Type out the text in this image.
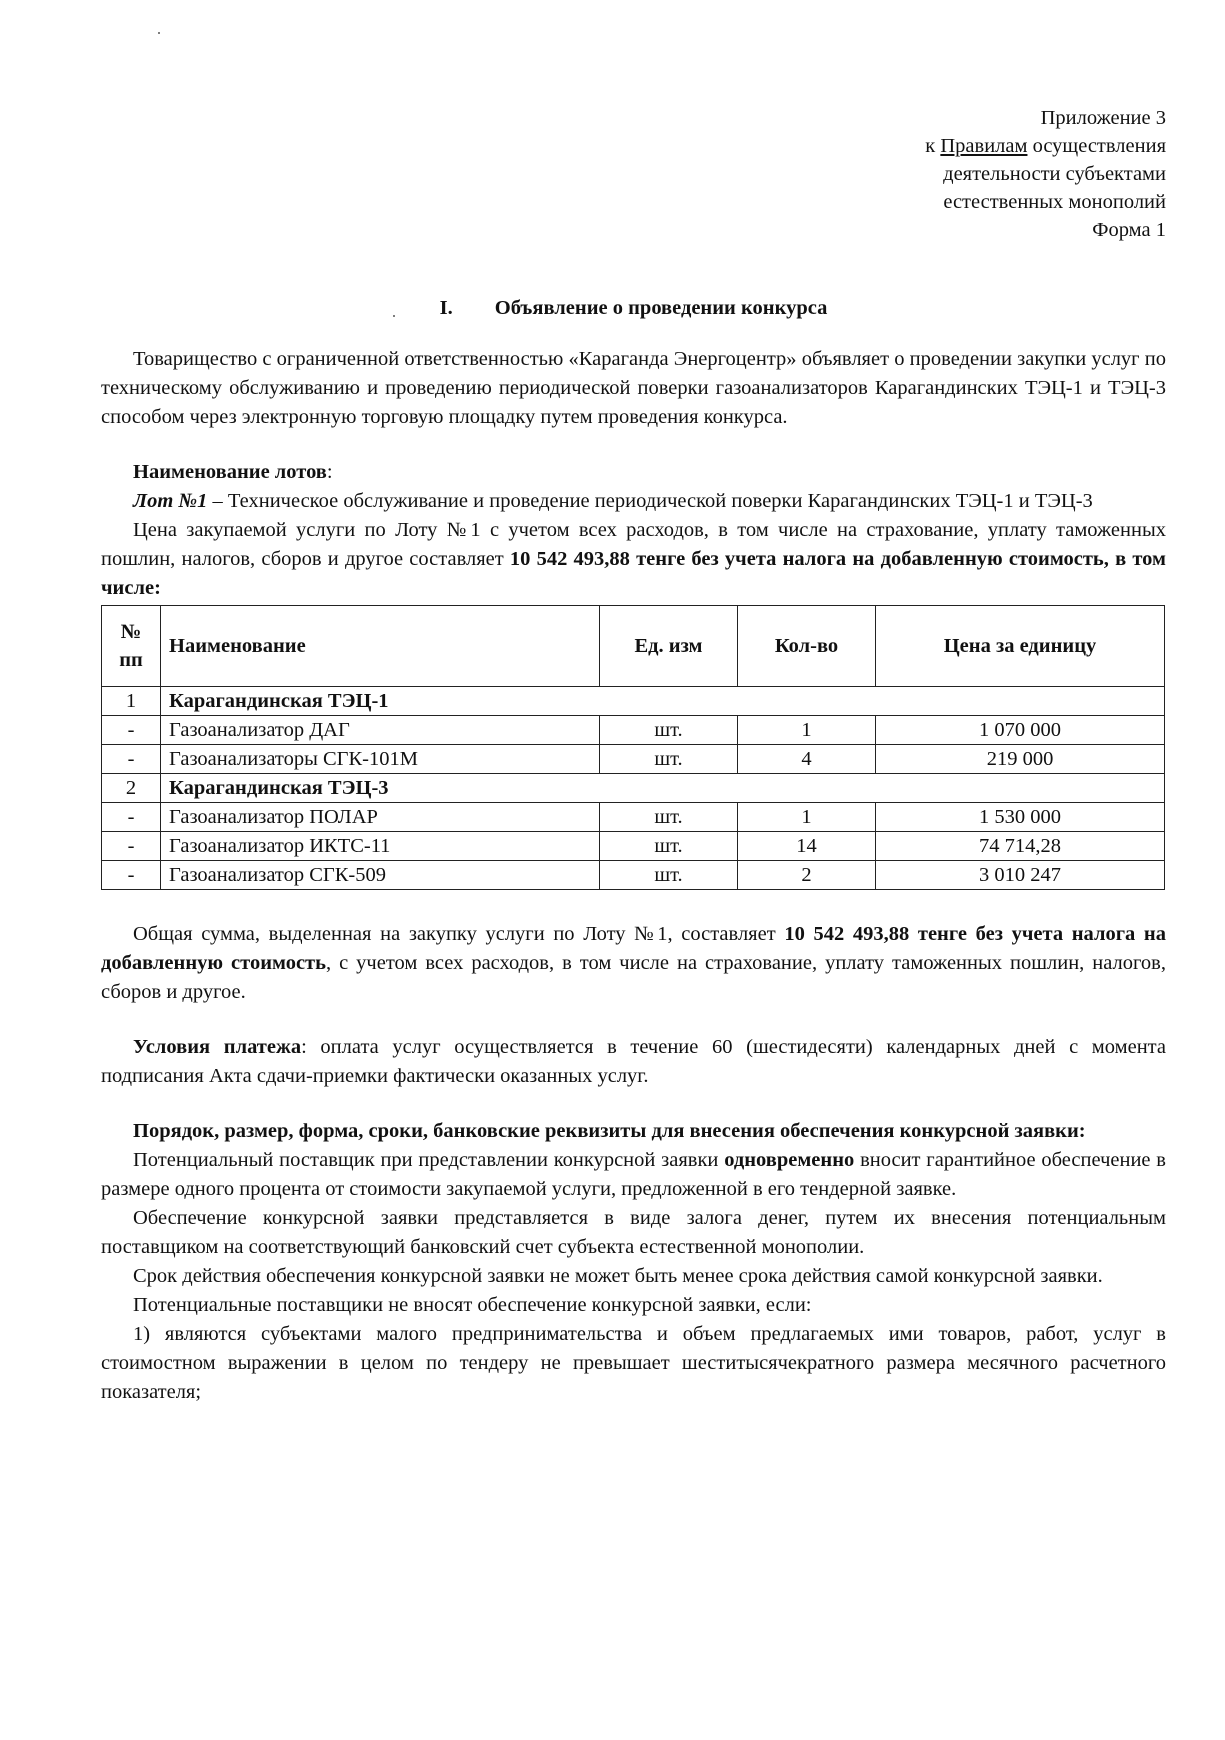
Приложение 3
к Правилам осуществления
деятельности субъектами
естественных монополий
Форма 1
I. Объявление о проведении конкурса

Товарищество с ограниченной ответственностью «Караганда Энергоцентр» объявляет о проведении закупки услуг по техническому обслуживанию и проведению периодической поверки газоанализаторов Карагандинских ТЭЦ-1 и ТЭЦ-3 способом через электронную торговую площадку путем проведения конкурса.

Наименование лотов:

Лот №1 – Техническое обслуживание и проведение периодической поверки Карагандинских ТЭЦ-1 и ТЭЦ-3

Цена закупаемой услуги по Лоту №1 с учетом всех расходов, в том числе на страхование, уплату таможенных пошлин, налогов, сборов и другое составляет 10 542 493,88 тенге без учета налога на добавленную стоимость, в том числе:

№ пп	Наименование	Ед. изм	Кол-во	Цена за единицу
1	Карагандинская ТЭЦ-1			
-	Газоанализатор ДАГ	шт.	1	1 070 000
-	Газоанализаторы СГК-101М	шт.	4	219 000
2	Карагандинская ТЭЦ-3			
-	Газоанализатор ПОЛАР	шт.	1	1 530 000
-	Газоанализатор ИКТС-11	шт.	14	74 714,28
-	Газоанализатор СГК-509	шт.	2	3 010 247

Общая сумма, выделенная на закупку услуги по Лоту №1, составляет 10 542 493,88 тенге без учета налога на добавленную стоимость, с учетом всех расходов, в том числе на страхование, уплату таможенных пошлин, налогов, сборов и другое.

Условия платежа: оплата услуг осуществляется в течение 60 (шестидесяти) календарных дней с момента подписания Акта сдачи-приемки фактически оказанных услуг.

Порядок, размер, форма, сроки, банковские реквизиты для внесения обеспечения конкурсной заявки:

Потенциальный поставщик при представлении конкурсной заявки одновременно вносит гарантийное обеспечение в размере одного процента от стоимости закупаемой услуги, предложенной в его тендерной заявке.

Обеспечение конкурсной заявки представляется в виде залога денег, путем их внесения потенциальным поставщиком на соответствующий банковский счет субъекта естественной монополии.

Срок действия обеспечения конкурсной заявки не может быть менее срока действия самой конкурсной заявки.

Потенциальные поставщики не вносят обеспечение конкурсной заявки, если:

1) являются субъектами малого предпринимательства и объем предлагаемых ими товаров, работ, услуг в стоимостном выражении в целом по тендеру не превышает шеститысячекратного размера месячного расчетного показателя;
